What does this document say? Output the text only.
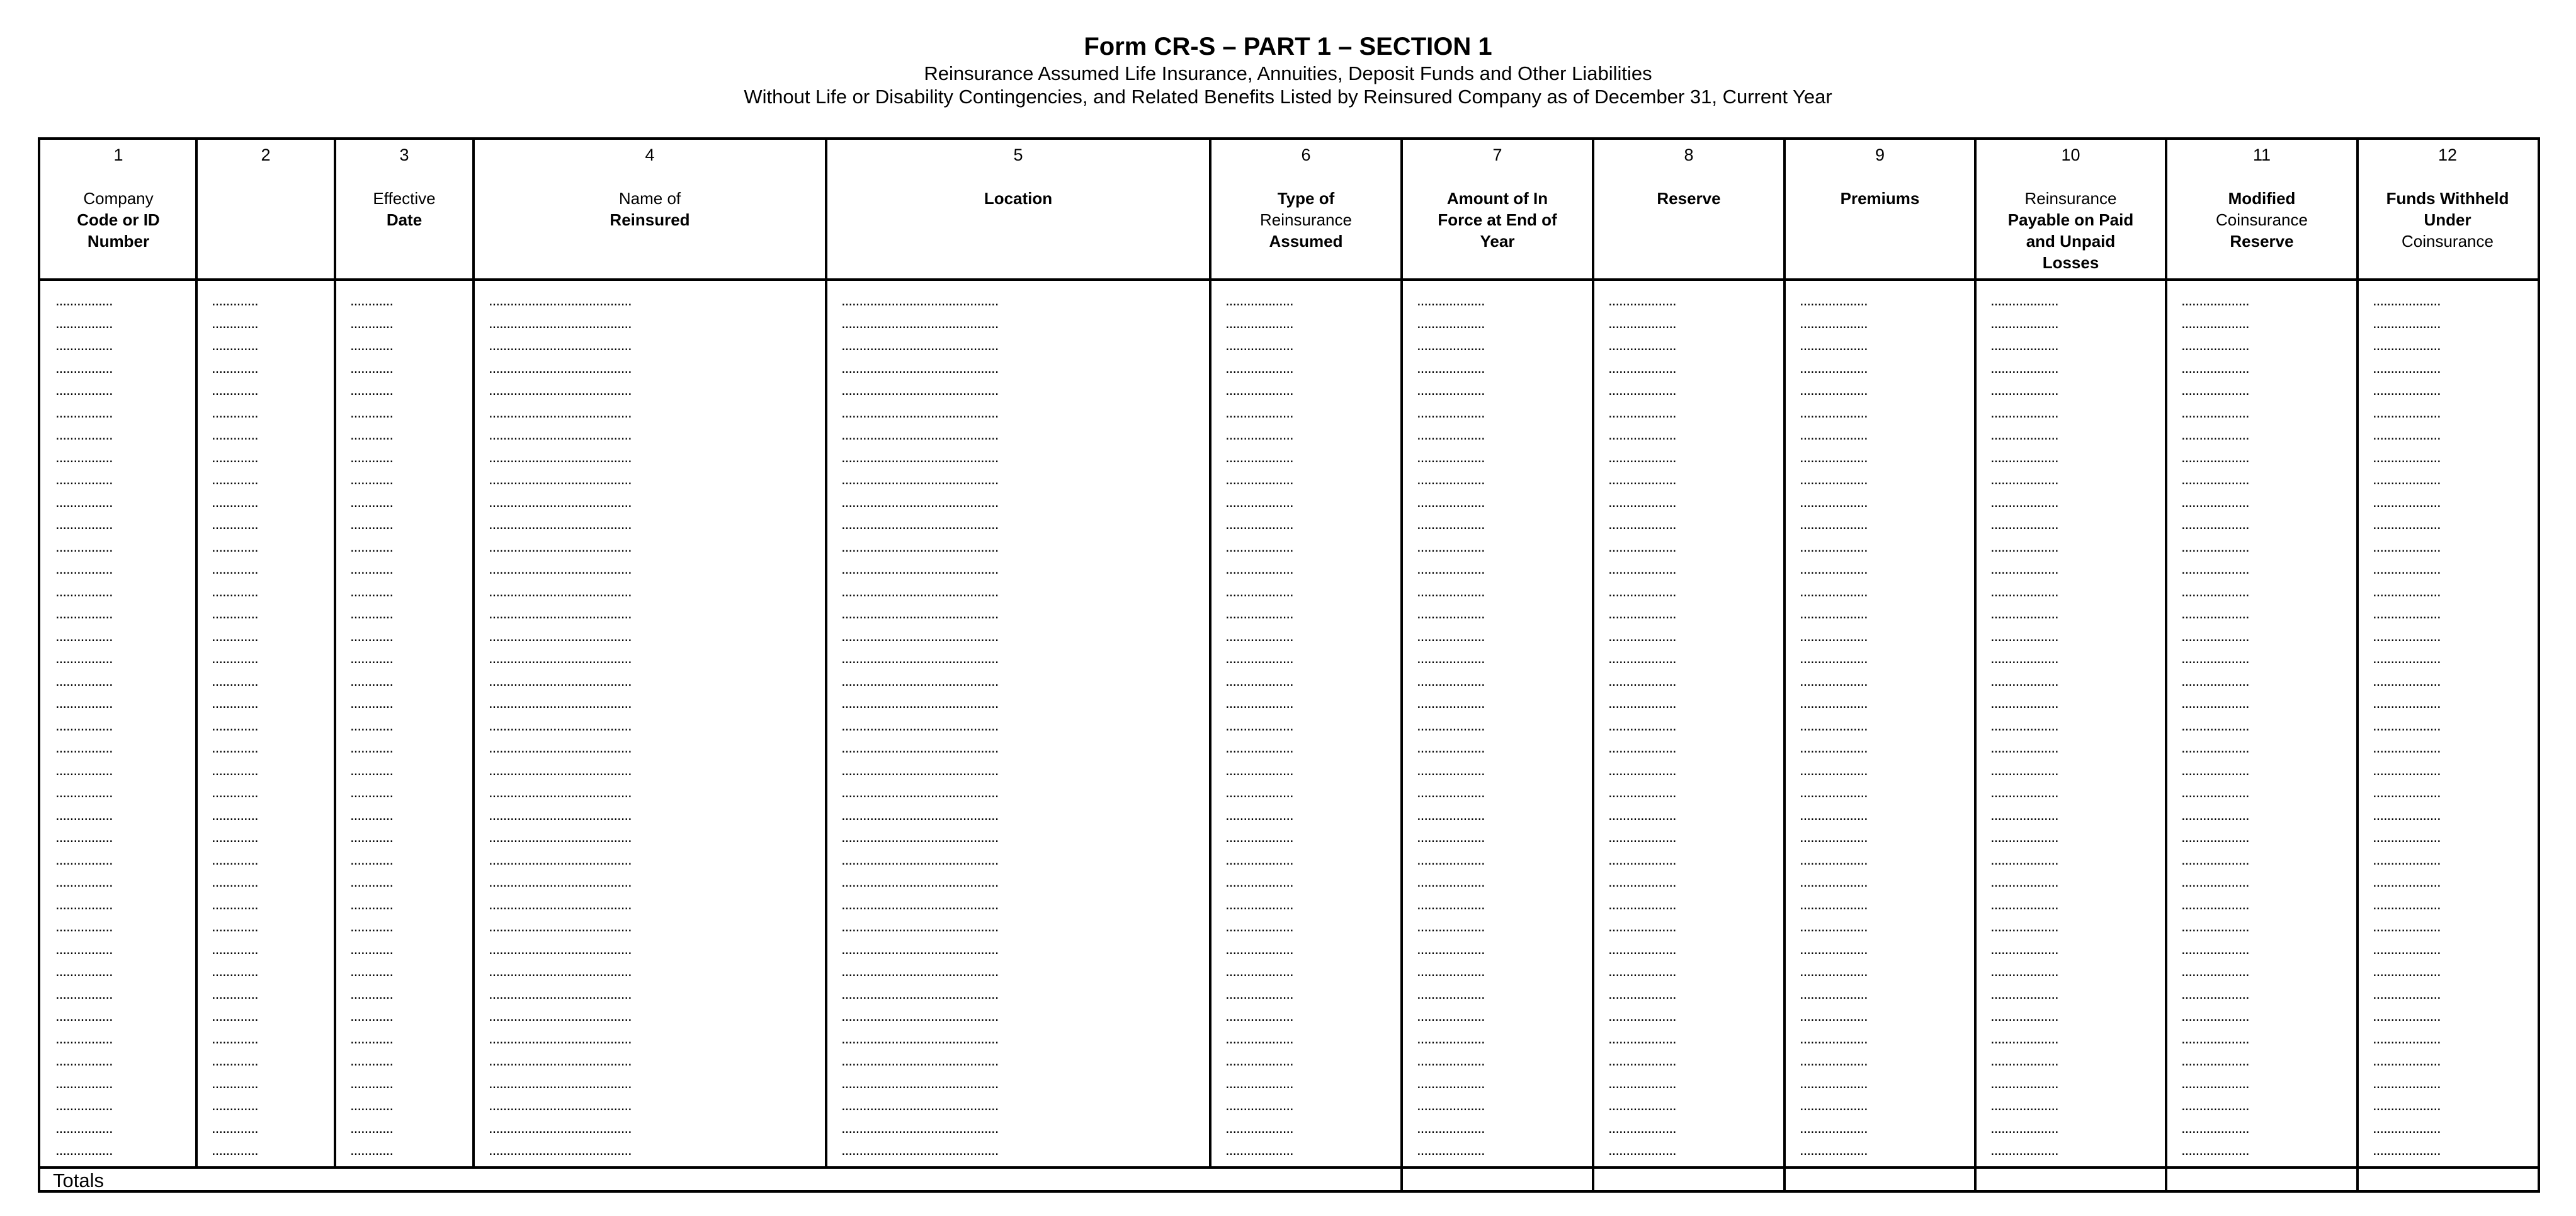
Form CR-S – PART 1 – SECTION 1
Reinsurance Assumed Life Insurance, Annuities, Deposit Funds and Other Liabilities
Without Life or Disability Contingencies, and Related Benefits Listed by Reinsured Company as of December 31, Current Year
Totals
1
Company
Code or ID
Number
................
................
................
................
................
................
................
................
................
................
................
................
................
................
................
................
................
................
................
................
................
................
................
................
................
................
................
................
................
................
................
................
................
................
................
................
................
................
................
2
.............
.............
.............
.............
.............
.............
.............
.............
.............
.............
.............
.............
.............
.............
.............
.............
.............
.............
.............
.............
.............
.............
.............
.............
.............
.............
.............
.............
.............
.............
.............
.............
.............
.............
.............
.............
.............
.............
.............
3
Effective
Date
............
............
............
............
............
............
............
............
............
............
............
............
............
............
............
............
............
............
............
............
............
............
............
............
............
............
............
............
............
............
............
............
............
............
............
............
............
............
............
4
Name of
Reinsured
........................................
........................................
........................................
........................................
........................................
........................................
........................................
........................................
........................................
........................................
........................................
........................................
........................................
........................................
........................................
........................................
........................................
........................................
........................................
........................................
........................................
........................................
........................................
........................................
........................................
........................................
........................................
........................................
........................................
........................................
........................................
........................................
........................................
........................................
........................................
........................................
........................................
........................................
........................................
5
Location
............................................
............................................
............................................
............................................
............................................
............................................
............................................
............................................
............................................
............................................
............................................
............................................
............................................
............................................
............................................
............................................
............................................
............................................
............................................
............................................
............................................
............................................
............................................
............................................
............................................
............................................
............................................
............................................
............................................
............................................
............................................
............................................
............................................
............................................
............................................
............................................
............................................
............................................
............................................
6
Type of
Reinsurance
Assumed
...................
...................
...................
...................
...................
...................
...................
...................
...................
...................
...................
...................
...................
...................
...................
...................
...................
...................
...................
...................
...................
...................
...................
...................
...................
...................
...................
...................
...................
...................
...................
...................
...................
...................
...................
...................
...................
...................
...................
7
Amount of In
Force at End of
Year
...................
...................
...................
...................
...................
...................
...................
...................
...................
...................
...................
...................
...................
...................
...................
...................
...................
...................
...................
...................
...................
...................
...................
...................
...................
...................
...................
...................
...................
...................
...................
...................
...................
...................
...................
...................
...................
...................
...................
8
Reserve
...................
...................
...................
...................
...................
...................
...................
...................
...................
...................
...................
...................
...................
...................
...................
...................
...................
...................
...................
...................
...................
...................
...................
...................
...................
...................
...................
...................
...................
...................
...................
...................
...................
...................
...................
...................
...................
...................
...................
9
Premiums
...................
...................
...................
...................
...................
...................
...................
...................
...................
...................
...................
...................
...................
...................
...................
...................
...................
...................
...................
...................
...................
...................
...................
...................
...................
...................
...................
...................
...................
...................
...................
...................
...................
...................
...................
...................
...................
...................
...................
10
Reinsurance
Payable on Paid
and Unpaid
Losses
...................
...................
...................
...................
...................
...................
...................
...................
...................
...................
...................
...................
...................
...................
...................
...................
...................
...................
...................
...................
...................
...................
...................
...................
...................
...................
...................
...................
...................
...................
...................
...................
...................
...................
...................
...................
...................
...................
...................
11
Modified
Coinsurance
Reserve
...................
...................
...................
...................
...................
...................
...................
...................
...................
...................
...................
...................
...................
...................
...................
...................
...................
...................
...................
...................
...................
...................
...................
...................
...................
...................
...................
...................
...................
...................
...................
...................
...................
...................
...................
...................
...................
...................
...................
12
Funds Withheld
Under
Coinsurance
...................
...................
...................
...................
...................
...................
...................
...................
...................
...................
...................
...................
...................
...................
...................
...................
...................
...................
...................
...................
...................
...................
...................
...................
...................
...................
...................
...................
...................
...................
...................
...................
...................
...................
...................
...................
...................
...................
...................
